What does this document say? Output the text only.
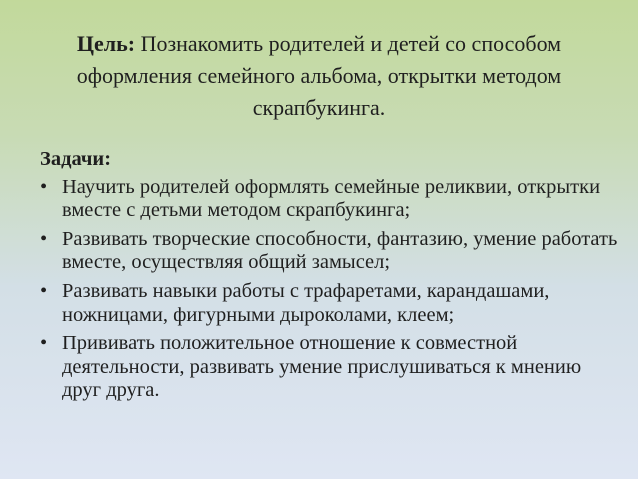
Цель: Познакомить родителей и детей со способом оформления семейного альбома, открытки методом скрапбукинга.
Задачи:
• Научить родителей оформлять семейные реликвии, открытки вместе с детьми методом скрапбукинга;
• Развивать творческие способности, фантазию, умение работать вместе, осуществляя общий замысел;
• Развивать навыки работы с трафаретами, карандашами, ножницами, фигурными дыроколами, клеем;
• Прививать положительное отношение к совместной деятельности, развивать умение прислушиваться к мнению друг друга.
